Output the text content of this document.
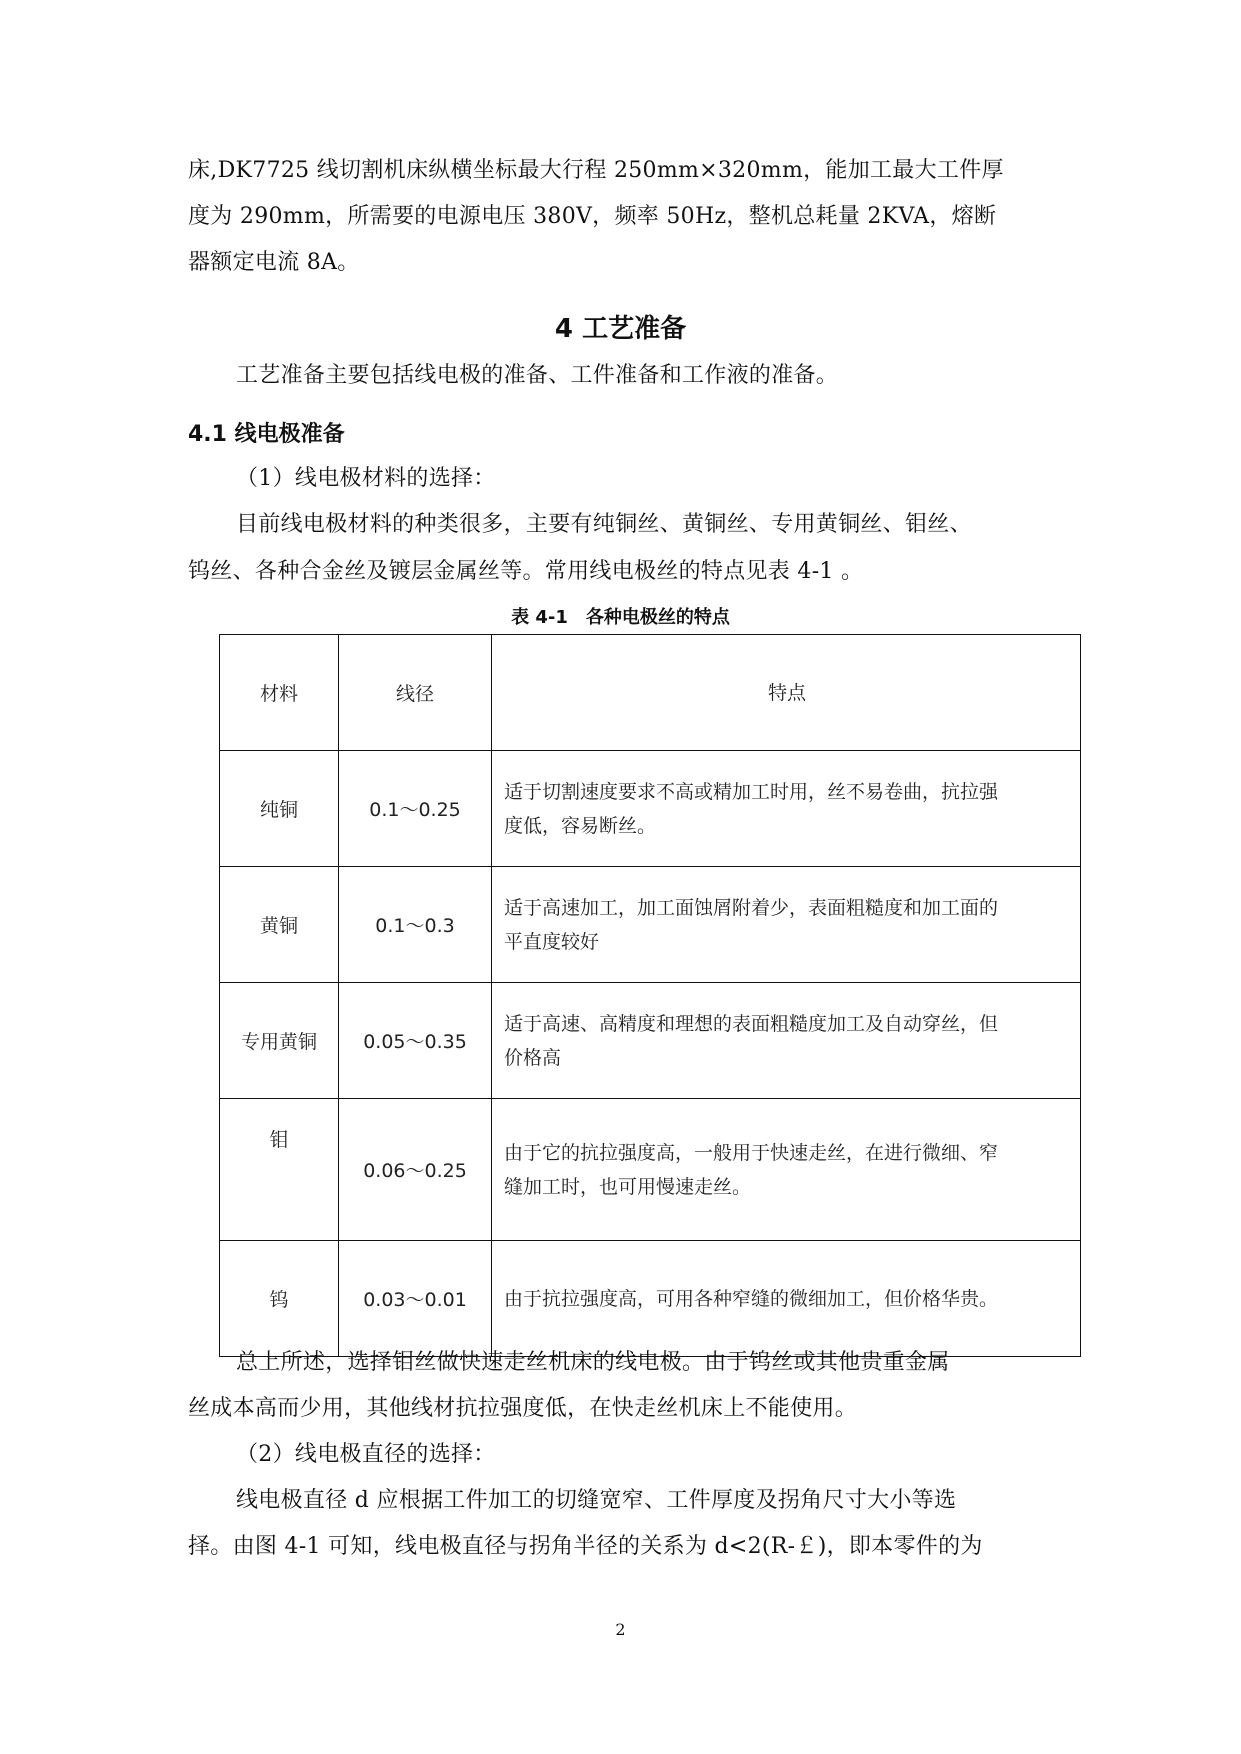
床,DK7725 线切割机床纵横坐标最大行程 250mm×320mm，能加工最大工件厚
度为 290mm，所需要的电源电压 380V，频率 50Hz，整机总耗量 2KVA，熔断
器额定电流 8A。
4 工艺准备
工艺准备主要包括线电极的准备、工件准备和工作液的准备。
4.1 线电极准备
（1）线电极材料的选择：
目前线电极材料的种类很多，主要有纯铜丝、黄铜丝、专用黄铜丝、钼丝、
钨丝、各种合金丝及镀层金属丝等。常用线电极丝的特点见表 4-1 。
表 4-1　各种电极丝的特点
材料	线径	特点
纯铜	0.1～0.25	适于切割速度要求不高或精加工时用，丝不易卷曲，抗拉强
度低，容易断丝。

黄铜	0.1～0.3	适于高速加工，加工面蚀屑附着少，表面粗糙度和加工面的
平直度较好

专用黄铜	0.05～0.35	适于高速、高精度和理想的表面粗糙度加工及自动穿丝，但
价格高

钼	0.06～0.25	由于它的抗拉强度高，一般用于快速走丝，在进行微细、窄
缝加工时，也可用慢速走丝。

钨	0.03～0.01	由于抗拉强度高，可用各种窄缝的微细加工，但价格华贵。
总上所述，选择钼丝做快速走丝机床的线电极。由于钨丝或其他贵重金属
丝成本高而少用，其他线材抗拉强度低，在快走丝机床上不能使用。
（2）线电极直径的选择：
线电极直径 d 应根据工件加工的切缝宽窄、工件厚度及拐角尺寸大小等选
择。由图 4-1 可知，线电极直径与拐角半径的关系为 d<2(R-￡)，即本零件的为
2
